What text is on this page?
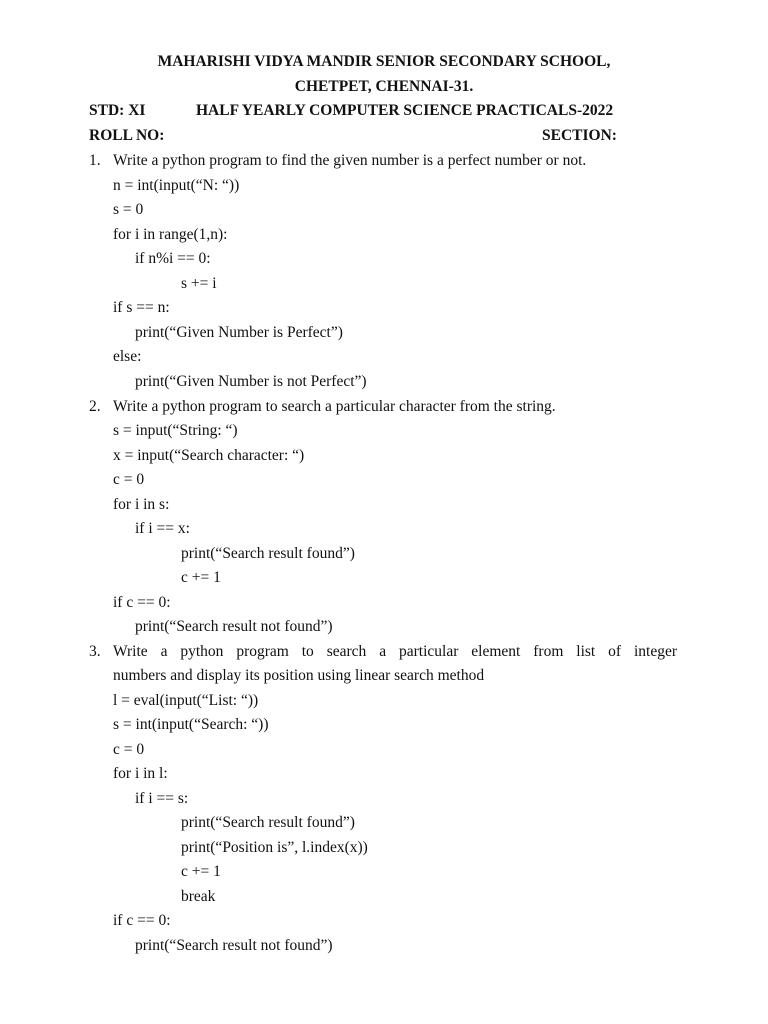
MAHARISHI VIDYA MANDIR SENIOR SECONDARY SCHOOL,
CHETPET, CHENNAI-31.
STD: XI	HALF YEARLY COMPUTER SCIENCE PRACTICALS-2022
ROLL NO:	SECTION:
1. Write a python program to find the given number is a perfect number or not.
n = int(input(“N: “))
s = 0
for i in range(1,n):
if n%i == 0:
s += i
if s == n:
print(“Given Number is Perfect”)
else:
print(“Given Number is not Perfect”)
2. Write a python program to search a particular character from the string.
s = input(“String: “)
x = input(“Search character: “)
c = 0
for i in s:
if i == x:
print(“Search result found”)
c += 1
if c == 0:
print(“Search result not found”)
3. Write a python program to search a particular element from list of integer
numbers and display its position using linear search method
l = eval(input(“List: “))
s = int(input(“Search: “))
c = 0
for i in l:
if i == s:
print(“Search result found”)
print(“Position is”, l.index(x))
c += 1
break
if c == 0:
print(“Search result not found”)
